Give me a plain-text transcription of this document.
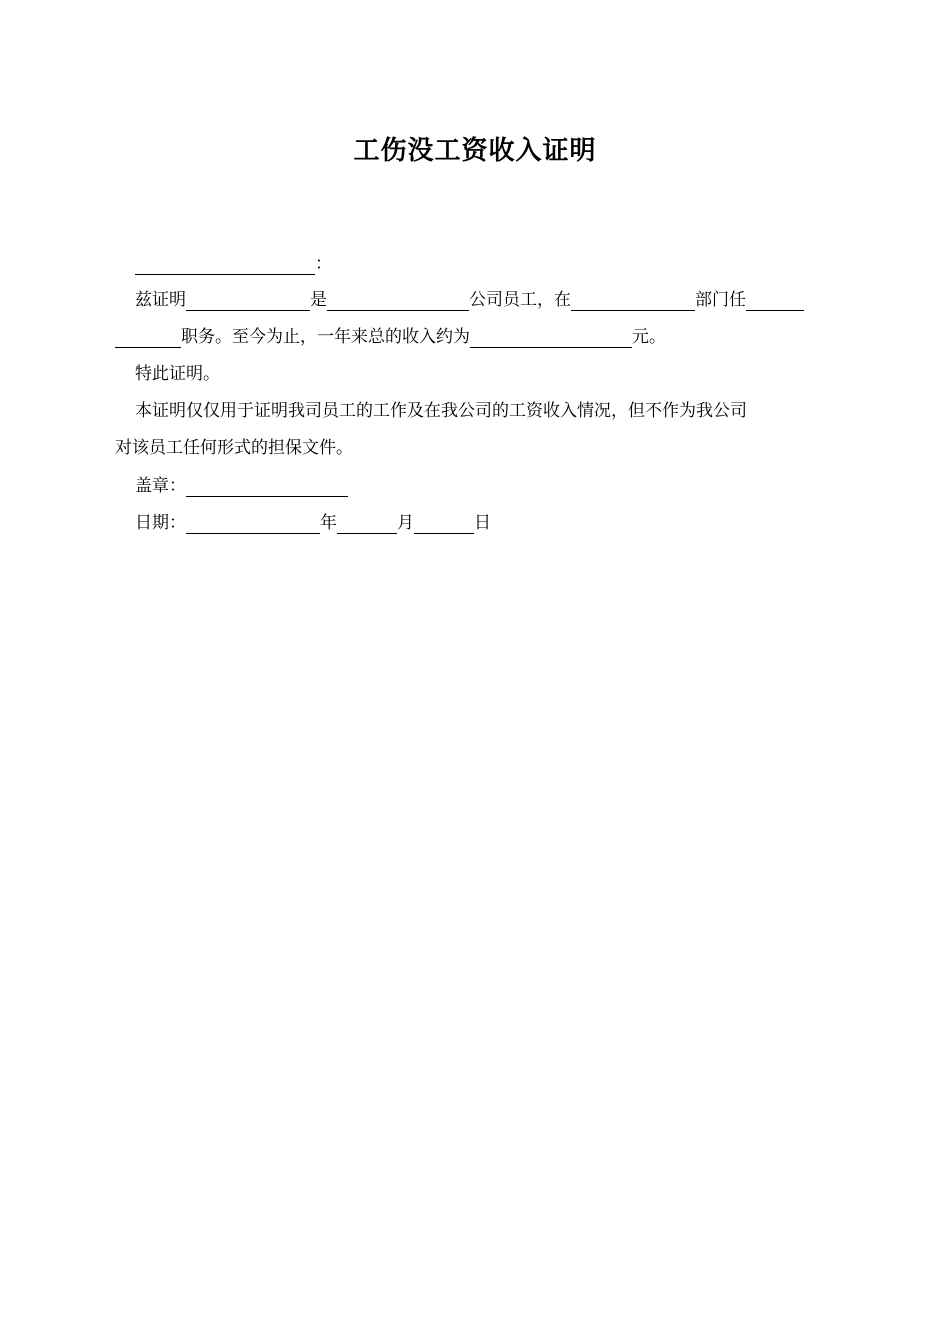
工伤没工资收入证明
：
兹证明	是	公司员工，在	部门任
职务。至今为止，一年来总的收入约为	元。
特此证明。
本证明仅仅用于证明我司员工的工作及在我公司的工资收入情况，但不作为我公司
对该员工任何形式的担保文件。
盖章：
日期：	年	月	日
